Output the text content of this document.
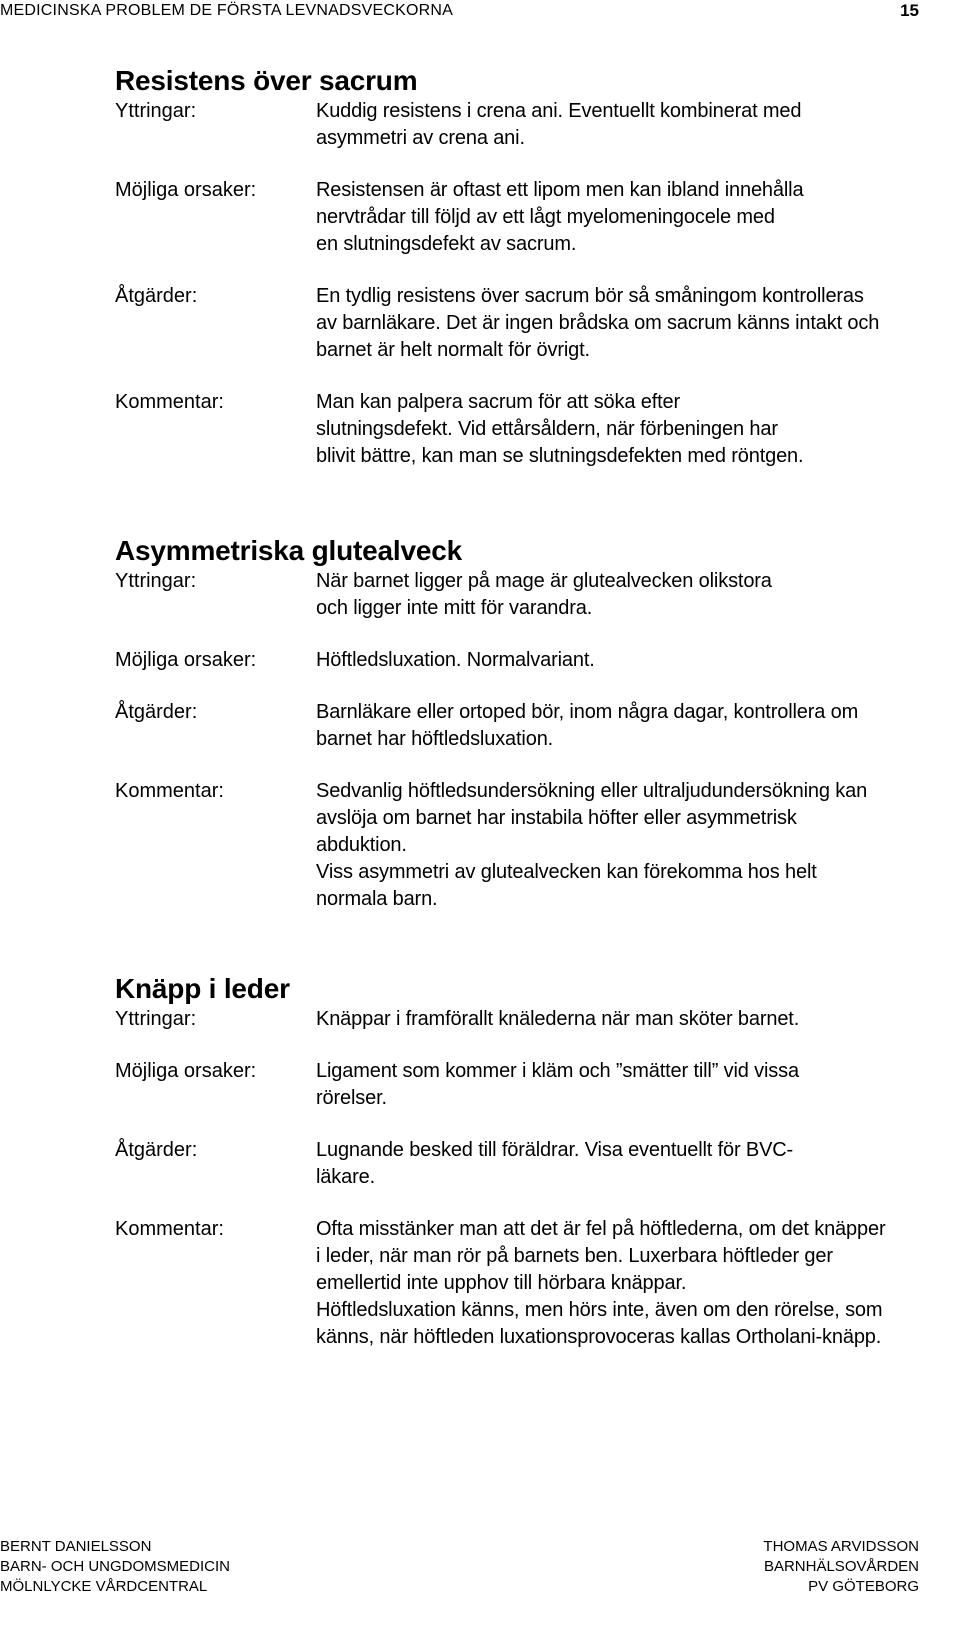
MEDICINSKA PROBLEM DE FÖRSTA LEVNADSVECKORNA	15
Resistens över sacrum
Yttringar:	Kuddig resistens i crena ani. Eventuellt kombinerat med
asymmetri av crena ani.
Möjliga orsaker:	Resistensen är oftast ett lipom men kan ibland innehålla
nervtrådar till följd av ett lågt myelomeningocele med
en slutningsdefekt av sacrum.
Åtgärder:	En tydlig resistens över sacrum bör så småningom kontrolleras
av barnläkare. Det är ingen brådska om sacrum känns intakt och
barnet är helt normalt för övrigt.
Kommentar:	Man kan palpera sacrum för att söka efter
slutningsdefekt. Vid ettårsåldern, när förbeningen har
blivit bättre, kan man se slutningsdefekten med röntgen.
Asymmetriska glutealveck
Yttringar:	När barnet ligger på mage är glutealvecken olikstora
och ligger inte mitt för varandra.
Möjliga orsaker:	Höftledsluxation. Normalvariant.
Åtgärder:	Barnläkare eller ortoped bör, inom några dagar, kontrollera om
barnet har höftledsluxation.
Kommentar:	Sedvanlig höftledsundersökning eller ultraljudundersökning kan
avslöja om barnet har instabila höfter eller asymmetrisk
abduktion.
Viss asymmetri av glutealvecken kan förekomma hos helt
normala barn.
Knäpp i leder
Yttringar:	Knäppar i framförallt knälederna när man sköter barnet.
Möjliga orsaker:	Ligament som kommer i kläm och ”smätter till” vid vissa
rörelser.
Åtgärder:	Lugnande besked till föräldrar. Visa eventuellt för BVC-
läkare.
Kommentar:	Ofta misstänker man att det är fel på höftlederna, om det knäpper
i leder, när man rör på barnets ben. Luxerbara höftleder ger
emellertid inte upphov till hörbara knäppar.
Höftledsluxation känns, men hörs inte, även om den rörelse, som
känns, när höftleden luxationsprovoceras kallas Ortholani-knäpp.
BERNT DANIELSSON
BARN- OCH UNGDOMSMEDICIN
MÖLNLYCKE VÅRDCENTRAL
THOMAS ARVIDSSON
BARNHÄLSOVÅRDEN
PV GÖTEBORG
